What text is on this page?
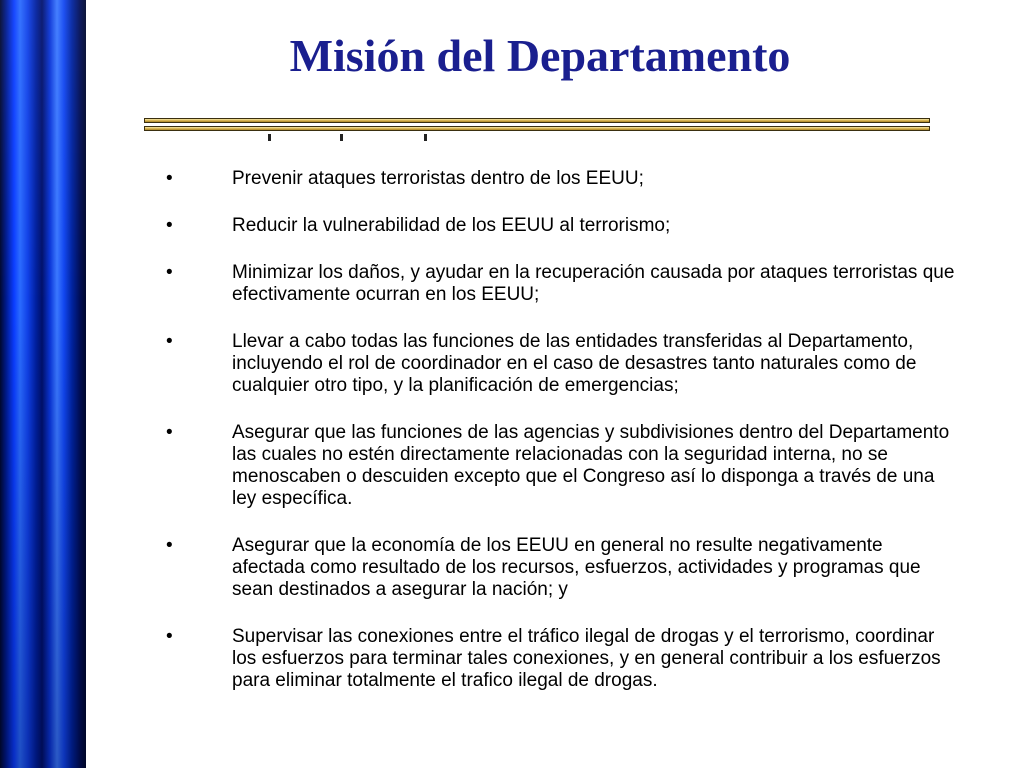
Misión del Departamento
•	Prevenir ataques terroristas dentro de los EEUU;
•	Reducir la vulnerabilidad de los EEUU al terrorismo;
•	Minimizar los daños, y ayudar en la recuperación causada por ataques terroristas que efectivamente ocurran en los EEUU;
•	Llevar a cabo todas las funciones de las entidades transferidas al Departamento, incluyendo el rol de coordinador en el caso de desastres tanto naturales como de cualquier otro tipo, y la planificación de emergencias;
•	Asegurar que las funciones de las agencias y subdivisiones dentro del Departamento las cuales no estén directamente relacionadas con la seguridad interna, no se menoscaben o descuiden excepto que el Congreso así lo disponga a través de una ley específica.
•	Asegurar que la economía de los EEUU en general no resulte negativamente afectada como resultado de los recursos, esfuerzos, actividades y programas que sean destinados a asegurar la nación; y
•	Supervisar las conexiones entre el tráfico ilegal de drogas y el terrorismo, coordinar los esfuerzos para terminar tales conexiones, y en general contribuir a los esfuerzos para eliminar totalmente el trafico ilegal de drogas.
